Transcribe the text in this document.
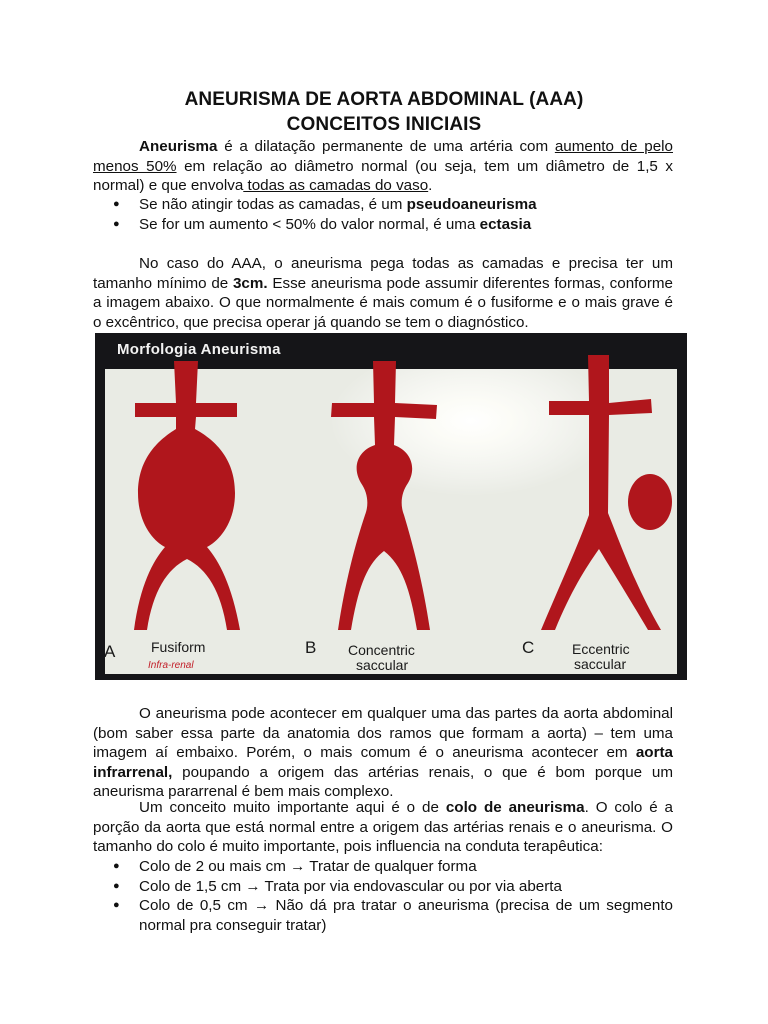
ANEURISMA DE AORTA ABDOMINAL (AAA)
CONCEITOS INICIAIS

Aneurisma é a dilatação permanente de uma artéria com aumento de pelo menos 50% em relação ao diâmetro normal (ou seja, tem um diâmetro de 1,5 x normal) e que envolva todas as camadas do vaso.

● Se não atingir todas as camadas, é um pseudoaneurisma
● Se for um aumento < 50% do valor normal, é uma ectasia

No caso do AAA, o aneurisma pega todas as camadas e precisa ter um tamanho mínimo de 3cm. Esse aneurisma pode assumir diferentes formas, conforme a imagem abaixo. O que normalmente é mais comum é o fusiforme e o mais grave é o excêntrico, que precisa operar já quando se tem o diagnóstico.

A	Fusiform	B Concentric
saccular
C	Eccentric
saccular
Infra-renal
Morfologia Aneurisma

O aneurisma pode acontecer em qualquer uma das partes da aorta abdominal (bom saber essa parte da anatomia dos ramos que formam a aorta) – tem uma imagem aí embaixo. Porém, o mais comum é o aneurisma acontecer em aorta infrarrenal, poupando a origem das artérias renais, o que é bom porque um aneurisma pararrenal é bem mais complexo.

Um conceito muito importante aqui é o de colo de aneurisma. O colo é a porção da aorta que está normal entre a origem das artérias renais e o aneurisma. O tamanho do colo é muito importante, pois influencia na conduta terapêutica:

● Colo de 2 ou mais cm → Tratar de qualquer forma
● Colo de 1,5 cm → Trata por via endovascular ou por via aberta
● Colo de 0,5 cm → Não dá pra tratar o aneurisma (precisa de um segmento normal pra conseguir tratar)
